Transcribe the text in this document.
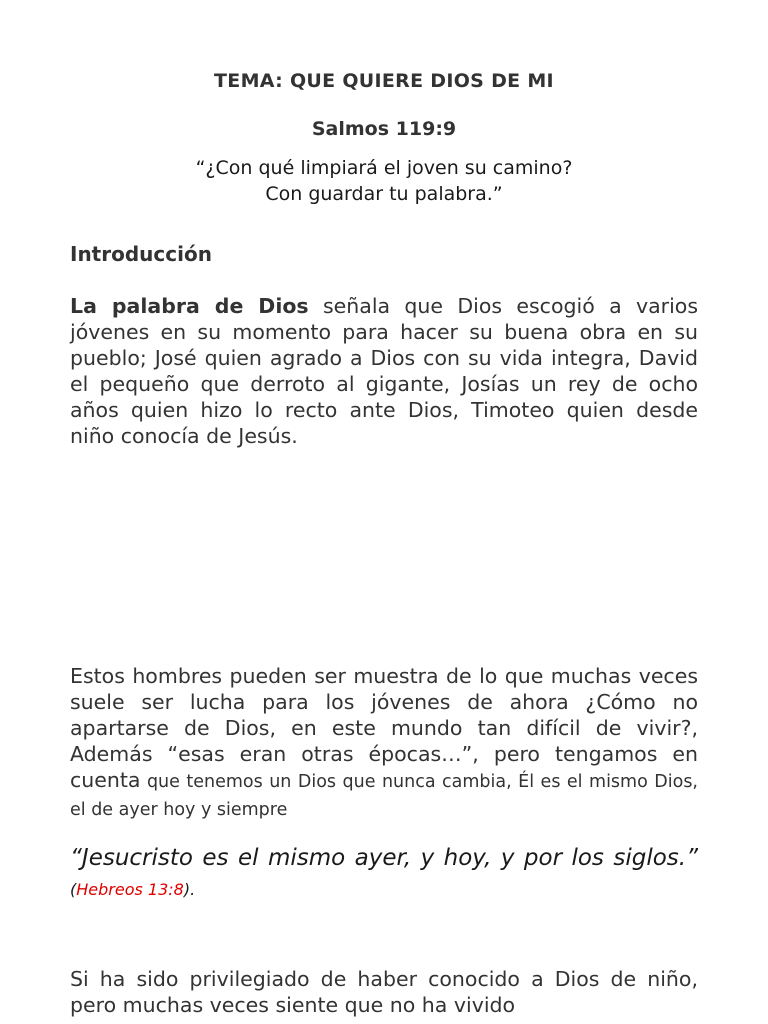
TEMA: QUE QUIERE DIOS DE MI
Salmos 119:9
“¿Con qué limpiará el joven su camino?
Con guardar tu palabra.”
Introducción
La palabra de Dios señala que Dios escogió a varios jóvenes en su momento para hacer su buena obra en su pueblo; José quien agrado a Dios con su vida integra, David el pequeño que derroto al gigante, Josías un rey de ocho años quien hizo lo recto ante Dios, Timoteo quien desde niño conocía de Jesús.
Estos hombres pueden ser muestra de lo que muchas veces suele ser lucha para los jóvenes de ahora ¿Cómo no apartarse de Dios, en este mundo tan difícil de vivir?, Además “esas eran otras épocas…”, pero tengamos en cuenta que tenemos un Dios que nunca cambia, Él es el mismo Dios, el de ayer hoy y siempre
“Jesucristo es el mismo ayer, y hoy, y por los siglos.” (Hebreos 13:8).
Si ha sido privilegiado de haber conocido a Dios de niño, pero muchas veces siente que no ha vivido
